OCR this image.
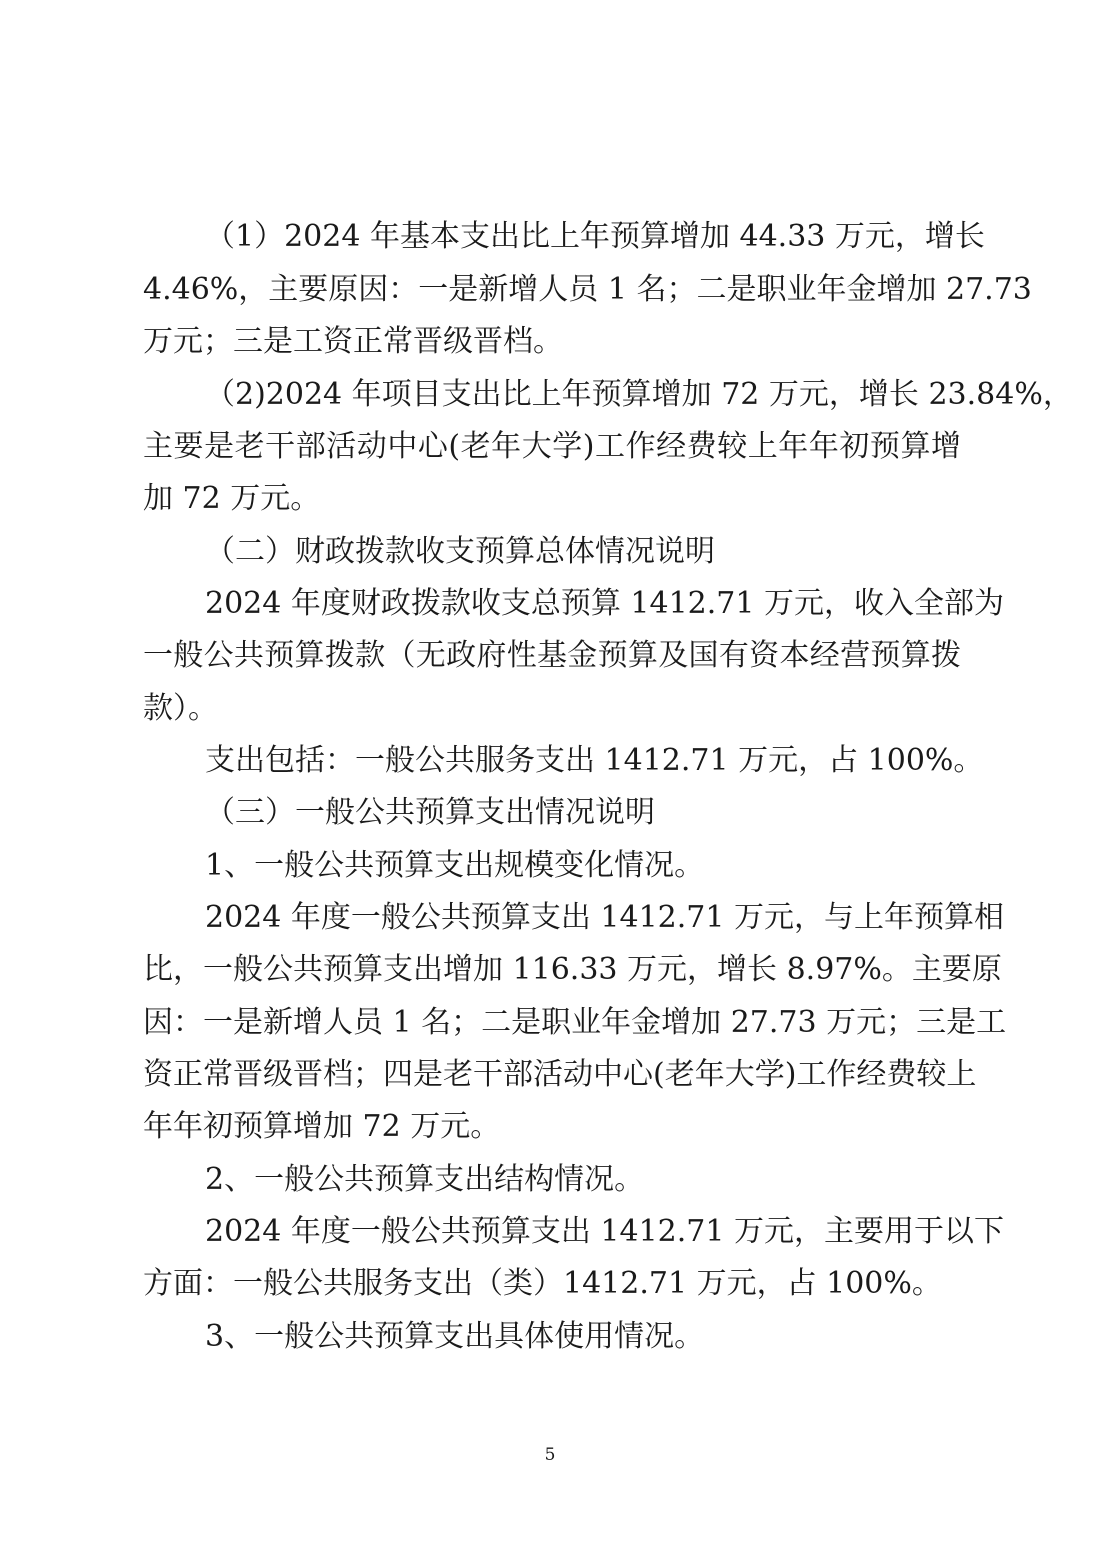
（1）2024 年基本支出比上年预算增加 44.33 万元，增长
4.46%，主要原因：一是新增人员 1 名；二是职业年金增加 27.73
万元；三是工资正常晋级晋档。
（2)2024 年项目支出比上年预算增加 72 万元，增长 23.84%，
主要是老干部活动中心(老年大学)工作经费较上年年初预算增
加 72 万元。
（二）财政拨款收支预算总体情况说明
2024 年度财政拨款收支总预算 1412.71 万元，收入全部为
一般公共预算拨款（无政府性基金预算及国有资本经营预算拨
款）。
支出包括：一般公共服务支出 1412.71 万元，占 100%。
（三）一般公共预算支出情况说明
1、一般公共预算支出规模变化情况。
2024 年度一般公共预算支出 1412.71 万元，与上年预算相
比，一般公共预算支出增加 116.33 万元，增长 8.97%。主要原
因：一是新增人员 1 名；二是职业年金增加 27.73 万元；三是工
资正常晋级晋档；四是老干部活动中心(老年大学)工作经费较上
年年初预算增加 72 万元。
2、一般公共预算支出结构情况。
2024 年度一般公共预算支出 1412.71 万元，主要用于以下
方面：一般公共服务支出（类）1412.71 万元，占 100%。
3、一般公共预算支出具体使用情况。
5
